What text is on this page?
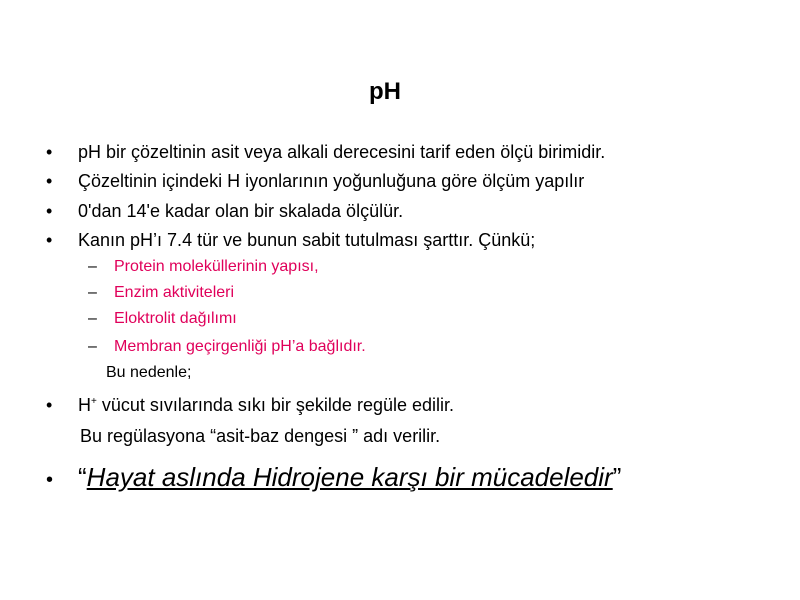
pH
•	pH bir çözeltinin asit veya alkali derecesini tarif eden ölçü birimidir.
•	Çözeltinin içindeki H iyonlarının yoğunluğuna göre ölçüm yapılır
•	0'dan 14'e kadar olan bir skalada ölçülür.
•	Kanın pH’ı 7.4 tür ve bunun sabit tutulması şarttır. Çünkü;
–	Protein moleküllerinin yapısı,
–	Enzim aktiviteleri
–	Eloktrolit dağılımı
–	Membran geçirgenliği pH’a bağlıdır.
Bu nedenle;
•	H+ vücut sıvılarında sıkı bir şekilde regüle edilir.
Bu regülasyona “asit-baz dengesi ” adı verilir.
• “Hayat aslında Hidrojene karşı bir mücadeledir”
